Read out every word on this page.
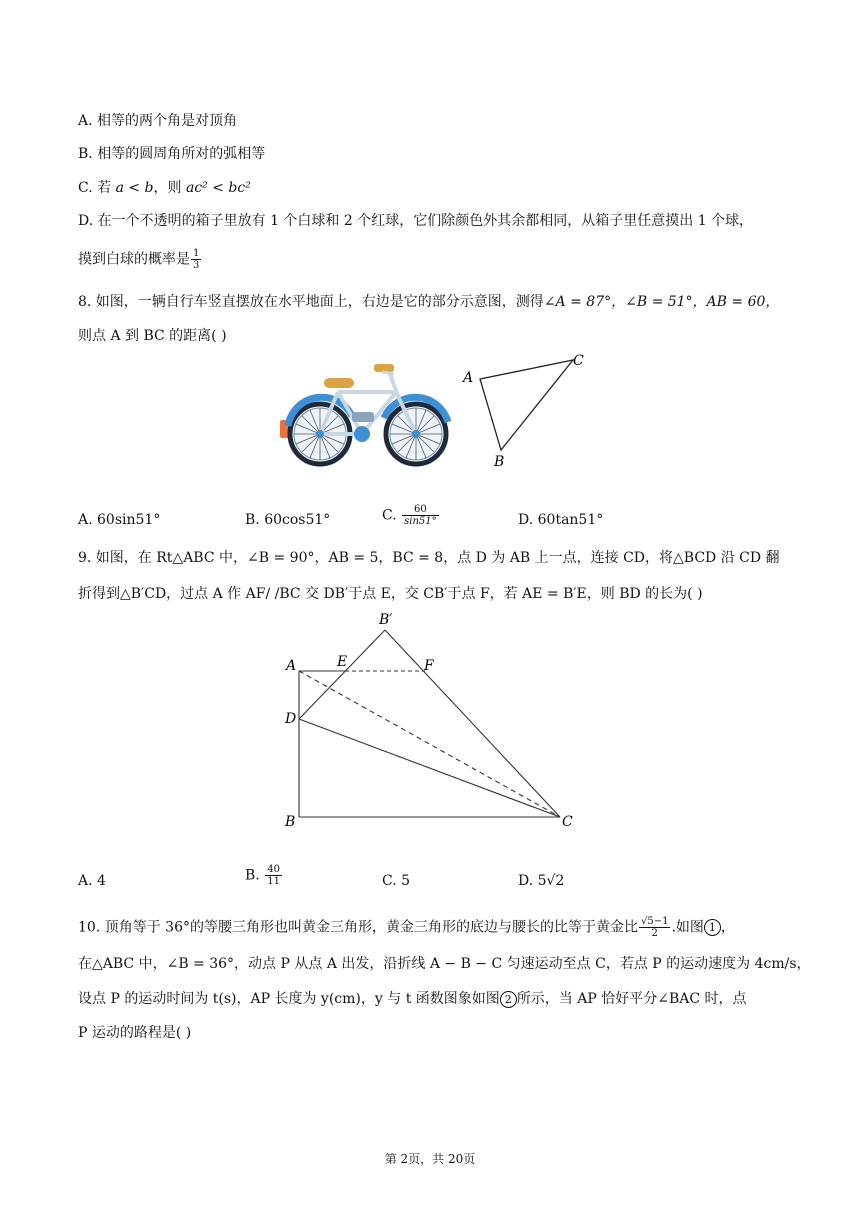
A. 相等的两个角是对顶角
B. 相等的圆周角所对的弧相等
C. 若 a < b，则 ac² < bc²
D. 在一个不透明的箱子里放有 1 个白球和 2 个红球，它们除颜色外其余都相同，从箱子里任意摸出 1 个球，
摸到白球的概率是 $\frac{1}{3}$
8. 如图，一辆自行车竖直摆放在水平地面上，右边是它的部分示意图，测得∠A = 87°，∠B = 51°，AB = 60，
则点 A 到 BC 的距离( )
A
C
B
A. 60sin51°	B. 60cos51°	C. $\frac{60}{\sin 51^\circ}$	D. 60tan51°
9. 如图，在 Rt△ABC 中，∠B = 90°，AB = 5，BC = 8，点 D 为 AB 上一点，连接 CD，将△BCD 沿 CD 翻
折得到△B′CD，过点 A 作 AF/ /BC 交 DB′于点 E，交 CB′于点 F，若 AE = B′E，则 BD 的长为( )
A
D
B	C
E	F
B′
A. 4	B. $\frac{40}{11}$	C. 5	D. 5√2
10. 顶角等于 36°的等腰三角形也叫黄金三角形，黄金三角形的底边与腰长的比等于黄金比 $\frac{√5-1}{2}$ .如图 1 ，
在△ABC 中，∠B = 36°，动点 P 从点 A 出发，沿折线 A − B − C 匀速运动至点 C，若点 P 的运动速度为 4cm/s，
设点 P 的运动时间为 t(s)，AP 长度为 y(cm)，y 与 t 函数图象如图 2 所示，当 AP 恰好平分∠BAC 时，点
P 运动的路程是( )
第 2页，共 20页
